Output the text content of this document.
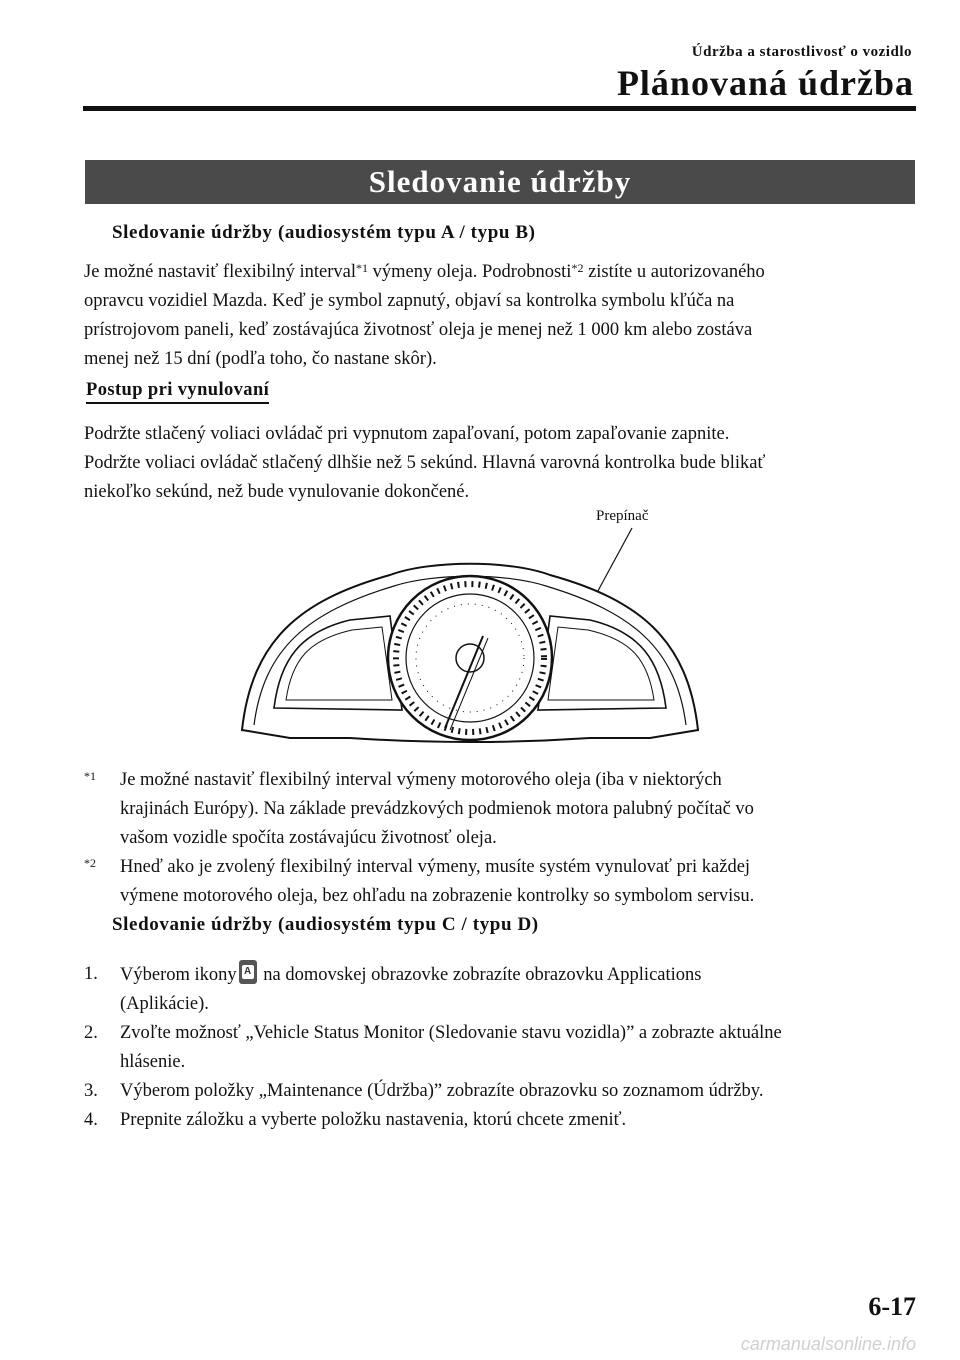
Údržba a starostlivosť o vozidlo
Plánovaná údržba
Sledovanie údržby
Sledovanie údržby (audiosystém typu A / typu B)

Je možné nastaviť flexibilný interval$^{*1}$ výmeny oleja. Podrobnosti$^{*2}$ zistíte u autorizovaného

opravcu vozidiel Mazda. Keď je symbol zapnutý, objaví sa kontrolka symbolu kľúča na

prístrojovom paneli, keď zostávajúca životnosť oleja je menej než 1 000 km alebo zostáva

menej než 15 dní (podľa toho, čo nastane skôr).

Postup pri vynulovaní

Podržte stlačený voliaci ovládač pri vypnutom zapaľovaní, potom zapaľovanie zapnite.

Podržte voliaci ovládač stlačený dlhšie než 5 sekúnd. Hlavná varovná kontrolka bude blikať

niekoľko sekúnd, než bude vynulovanie dokončené.

Prepínač
$^{*1}$	Je možné nastaviť flexibilný interval výmeny motorového oleja (iba v niektorých
krajinách Európy). Na základe prevádzkových podmienok motora palubný počítač vo
vašom vozidle spočíta zostávajúcu životnosť oleja.
$^{*2}$	Hneď ako je zvolený flexibilný interval výmeny, musíte systém vynulovať pri každej
výmene motorového oleja, bez ohľadu na zobrazenie kontrolky so symbolom servisu.
Sledovanie údržby (audiosystém typu C / typu D)
1.	Výberom ikony A na domovskej obrazovke zobrazíte obrazovku Applications
(Aplikácie).
2.	Zvoľte možnosť „Vehicle Status Monitor (Sledovanie stavu vozidla)” a zobrazte aktuálne
hlásenie.
3.	Výberom položky „Maintenance (Údržba)” zobrazíte obrazovku so zoznamom údržby.
4.	Prepnite záložku a vyberte položku nastavenia, ktorú chcete zmeniť.
6-17
carmanualsonline.info
